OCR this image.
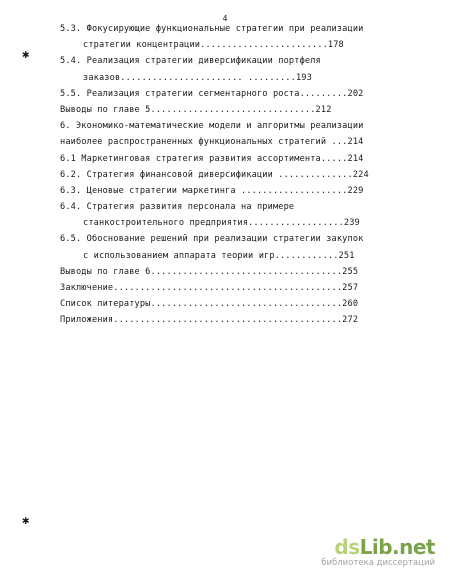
4
✱
✱
5.3. Фокусирующие функциональные стратегии при реализации
стратегии концентрации........................178
5.4. Реализация стратегии диверсификации портфеля
заказов....................... .........193
5.5. Реализация стратегии сегментарного роста.........202
Выводы по главе 5...............................212
6. Экономико-математические модели и алгоритмы реализации
наиболее распространенных функциональных стратегий ...214
6.1 Маркетинговая стратегия развития ассортимента.....214
6.2. Стратегия финансовой диверсификации ..............224
6.3. Ценовые стратегии маркетинга ....................229
6.4. Стратегия развития персонала на примере
станкостроительного предприятия..................239
6.5. Обоснование решений при реализации стратегии закупок
с использованием аппарата теории игр............251
Выводы по главе 6....................................255
Заключение...........................................257
Список литературы....................................260
Приложения...........................................272
dsLib.net
библиотека диссертаций
